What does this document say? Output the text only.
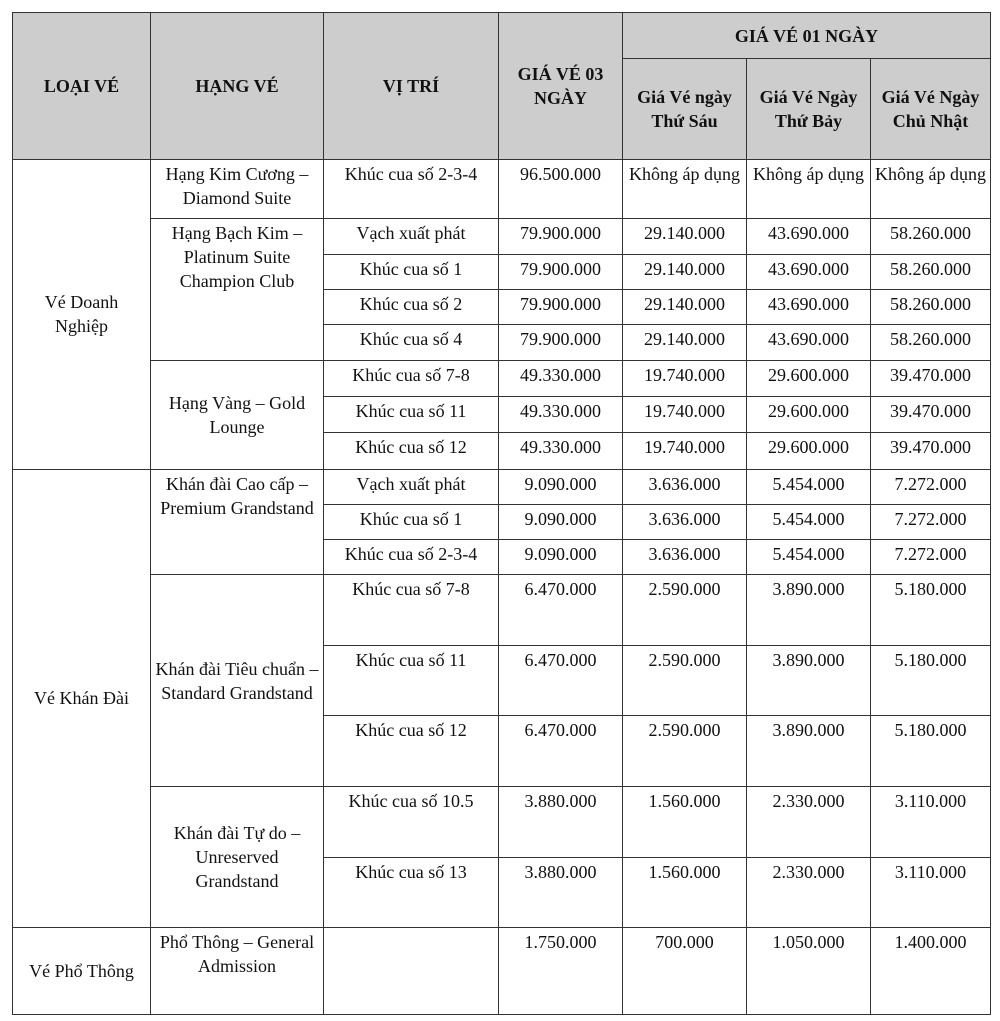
LOẠI VÉ	HẠNG VÉ	VỊ TRÍ	GIÁ VÉ 03 NGÀY	GIÁ VÉ 01 NGÀY		
				Giá Vé ngày Thứ Sáu	Giá Vé Ngày Thứ Bảy	Giá Vé Ngày Chủ Nhật
Vé Doanh Nghiệp	Hạng Kim Cương – Diamond Suite	Khúc cua số 2-3-4	96.500.000	Không áp dụng	Không áp dụng	Không áp dụng
	Hạng Bạch Kim – Platinum Suite Champion Club	Vạch xuất phát	79.900.000	29.140.000	43.690.000	58.260.000
		Khúc cua số 1	79.900.000	29.140.000	43.690.000	58.260.000
		Khúc cua số 2	79.900.000	29.140.000	43.690.000	58.260.000
		Khúc cua số 4	79.900.000	29.140.000	43.690.000	58.260.000
	Hạng Vàng – Gold Lounge	Khúc cua số 7-8	49.330.000	19.740.000	29.600.000	39.470.000
		Khúc cua số 11	49.330.000	19.740.000	29.600.000	39.470.000
		Khúc cua số 12	49.330.000	19.740.000	29.600.000	39.470.000
Vé Khán Đài	Khán đài Cao cấp – Premium Grandstand	Vạch xuất phát	9.090.000	3.636.000	5.454.000	7.272.000
		Khúc cua số 1	9.090.000	3.636.000	5.454.000	7.272.000
		Khúc cua số 2-3-4	9.090.000	3.636.000	5.454.000	7.272.000
	Khán đài Tiêu chuẩn – Standard Grandstand	Khúc cua số 7-8	6.470.000	2.590.000	3.890.000	5.180.000
		Khúc cua số 11	6.470.000	2.590.000	3.890.000	5.180.000
		Khúc cua số 12	6.470.000	2.590.000	3.890.000	5.180.000
	Khán đài Tự do – Unreserved Grandstand	Khúc cua số 10.5	3.880.000	1.560.000	2.330.000	3.110.000
		Khúc cua số 13	3.880.000	1.560.000	2.330.000	3.110.000
Vé Phổ Thông	Phổ Thông – General Admission		1.750.000	700.000	1.050.000	1.400.000
